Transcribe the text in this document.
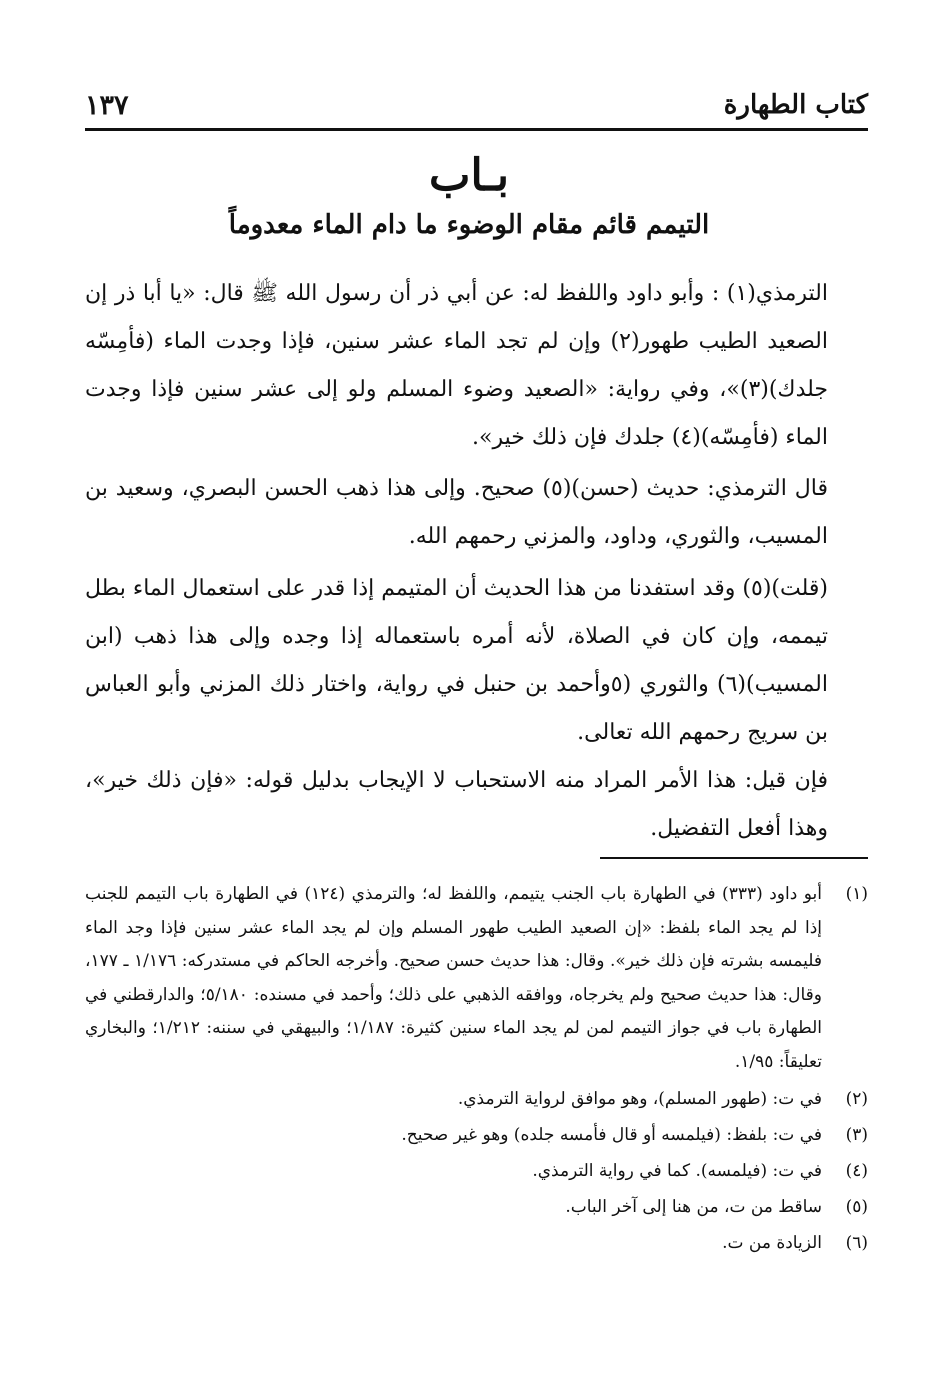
كتاب الطهارة
١٣٧
بـاب
التيمم قائم مقام الوضوء ما دام الماء معدوماً

الترمذي(١) : وأبو داود واللفظ له: عن أبي ذر أن رسول الله ﷺ قال: «يا أبا ذر إن الصعيد الطيب طهور(٢) وإن لم تجد الماء عشر سنين، فإذا وجدت الماء (فأمِسّه جلدك)(٣)»، وفي رواية: «الصعيد وضوء المسلم ولو إلى عشر سنين فإذا وجدت الماء (فأمِسّه)(٤) جلدك فإن ذلك خير».

قال الترمذي: حديث (حسن)(٥) صحيح. وإلى هذا ذهب الحسن البصري، وسعيد بن المسيب، والثوري، وداود، والمزني رحمهم الله.

(قلت)(٥) وقد استفدنا من هذا الحديث أن المتيمم إذا قدر على استعمال الماء بطل تيممه، وإن كان في الصلاة، لأنه أمره باستعماله إذا وجده وإلى هذا ذهب (ابن المسيب)(٦) والثوري (٥وأحمد بن حنبل في رواية، واختار ذلك المزني وأبو العباس بن سريج رحمهم الله تعالى.

فإن قيل: هذا الأمر المراد منه الاستحباب لا الإيجاب بدليل قوله: «فإن ذلك خير»، وهذا أفعل التفضيل.

(١)
أبو داود (٣٣٣) في الطهارة باب الجنب يتيمم، واللفظ له؛ والترمذي (١٢٤) في الطهارة باب التيمم للجنب إذا لم يجد الماء بلفظ: «إن الصعيد الطيب طهور المسلم وإن لم يجد الماء عشر سنين فإذا وجد الماء فليمسه بشرته فإن ذلك خير». وقال: هذا حديث حسن صحيح. وأخرجه الحاكم في مستدركه: ١/١٧٦ ـ ١٧٧، وقال: هذا حديث صحيح ولم يخرجاه، ووافقه الذهبي على ذلك؛ وأحمد في مسنده: ٥/١٨٠؛ والدارقطني في الطهارة باب في جواز التيمم لمن لم يجد الماء سنين كثيرة: ١/١٨٧؛ والبيهقي في سننه: ١/٢١٢؛ والبخاري تعليقاً: ١/٩٥.
(٢)
في ت: (طهور المسلم)، وهو موافق لرواية الترمذي.
(٣)
في ت: بلفظ: (فيلمسه أو قال فأمسه جلده) وهو غير صحيح.
(٤)
في ت: (فيلمسه). كما في رواية الترمذي.
(٥)
ساقط من ت، من هنا إلى آخر الباب.
(٦)
الزيادة من ت.
